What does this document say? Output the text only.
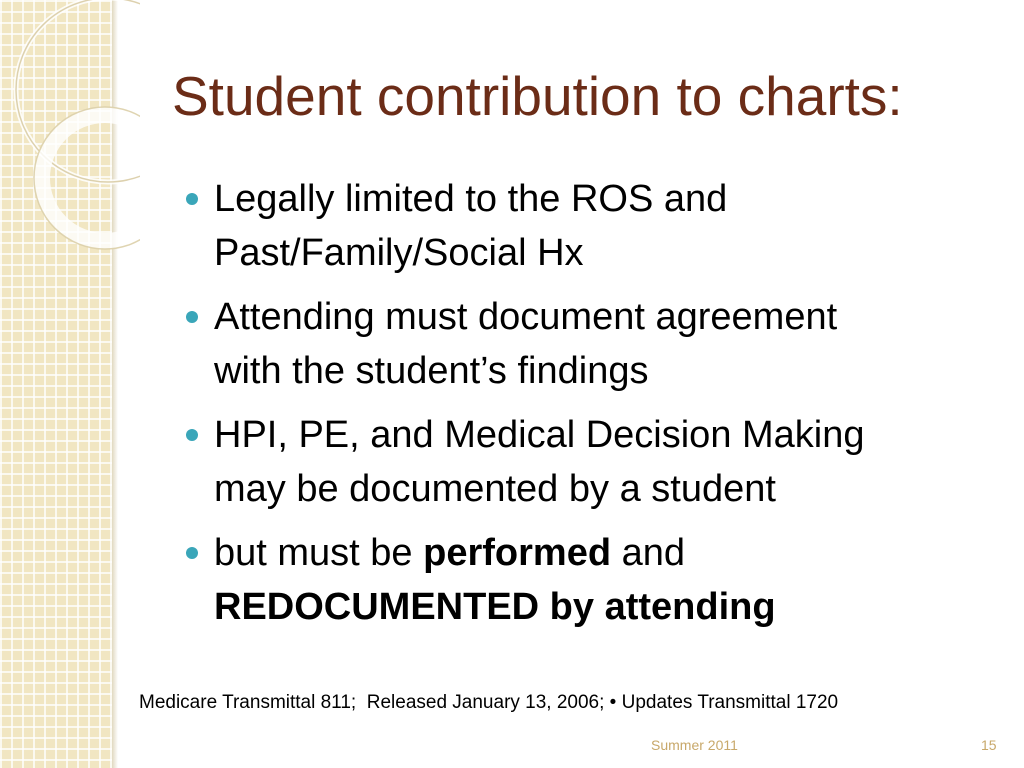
Student contribution to charts:
Legally limited to the ROS and
Past/Family/Social Hx
Attending must document agreement
with the student’s findings
HPI, PE, and Medical Decision Making
may be documented by a student
but must be performed and
REDOCUMENTED by attending
Medicare Transmittal 811;  Released January 13, 2006; • Updates Transmittal 1720
Summer 2011	15
